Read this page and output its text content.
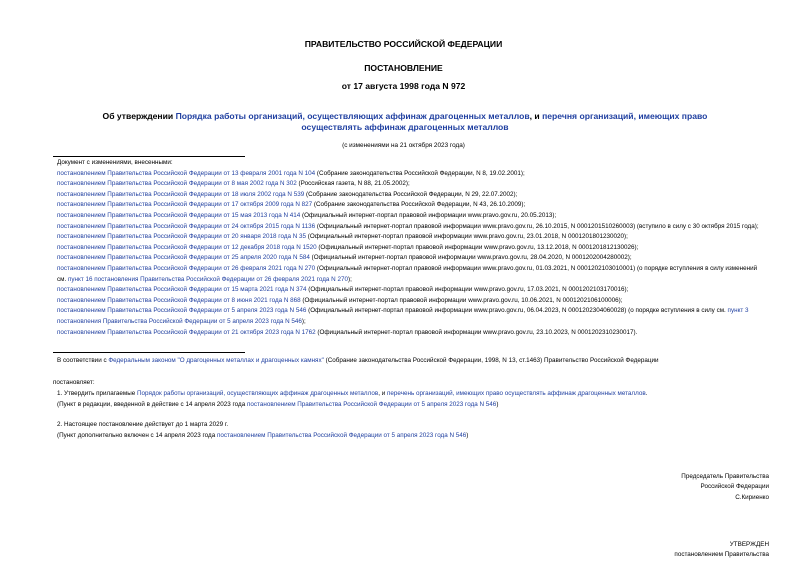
ПРАВИТЕЛЬСТВО РОССИЙСКОЙ ФЕДЕРАЦИИ
ПОСТАНОВЛЕНИЕ
от 17 августа 1998 года N 972
Об утверждении Порядка работы организаций, осуществляющих аффинаж драгоценных металлов, и перечня организаций, имеющих право осуществлять аффинаж драгоценных металлов
(с изменениями на 21 октября 2023 года)
Документ с изменениями, внесенными:
постановлением Правительства Российской Федерации от 13 февраля 2001 года N 104 (Собрание законодательства Российской Федерации, N 8, 19.02.2001);
постановлением Правительства Российской Федерации от 8 мая 2002 года N 302 (Российская газета, N 88, 21.05.2002);
постановлением Правительства Российской Федерации от 18 июля 2002 года N 539 (Собрание законодательства Российской Федерации, N 29, 22.07.2002);
постановлением Правительства Российской Федерации от 17 октября 2009 года N 827 (Собрание законодательства Российской Федерации, N 43, 26.10.2009);
постановлением Правительства Российской Федерации от 15 мая 2013 года N 414 (Официальный интернет-портал правовой информации www.pravo.gov.ru, 20.05.2013);
постановлением Правительства Российской Федерации от 24 октября 2015 года N 1136 (Официальный интернет-портал правовой информации www.pravo.gov.ru, 26.10.2015, N 0001201510260003) (вступило в силу с 30 октября 2015 года);
постановлением Правительства Российской Федерации от 20 января 2018 года N 35 (Официальный интернет-портал правовой информации www.pravo.gov.ru, 23.01.2018, N 0001201801230020);
постановлением Правительства Российской Федерации от 12 декабря 2018 года N 1520 (Официальный интернет-портал правовой информации www.pravo.gov.ru, 13.12.2018, N 0001201812130026);
постановлением Правительства Российской Федерации от 25 апреля 2020 года N 584 (Официальный интернет-портал правовой информации www.pravo.gov.ru, 28.04.2020, N 0001202004280002);
постановлением Правительства Российской Федерации от 26 февраля 2021 года N 270 (Официальный интернет-портал правовой информации www.pravo.gov.ru, 01.03.2021, N 0001202103010001) (о порядке вступления в силу изменений см. пункт 16 постановления Правительства Российской Федерации от 26 февраля 2021 года N 270);
постановлением Правительства Российской Федерации от 15 марта 2021 года N 374 (Официальный интернет-портал правовой информации www.pravo.gov.ru, 17.03.2021, N 0001202103170016);
постановлением Правительства Российской Федерации от 8 июня 2021 года N 868 (Официальный интернет-портал правовой информации www.pravo.gov.ru, 10.06.2021, N 0001202106100006);
постановлением Правительства Российской Федерации от 5 апреля 2023 года N 546 (Официальный интернет-портал правовой информации www.pravo.gov.ru, 06.04.2023, N 0001202304060028) (о порядке вступления в силу см. пункт 3 постановления Правительства Российской Федерации от 5 апреля 2023 года N 546);
постановлением Правительства Российской Федерации от 21 октября 2023 года N 1762 (Официальный интернет-портал правовой информации www.pravo.gov.ru, 23.10.2023, N 0001202310230017).
В соответствии с Федеральным законом "О драгоценных металлах и драгоценных камнях" (Собрание законодательства Российской Федерации, 1998, N 13, ст.1463) Правительство Российской Федерации
постановляет:
1. Утвердить прилагаемые Порядок работы организаций, осуществляющих аффинаж драгоценных металлов, и перечень организаций, имеющих право осуществлять аффинаж драгоценных металлов.
(Пункт в редакции, введенной в действие с 14 апреля 2023 года постановлением Правительства Российской Федерации от 5 апреля 2023 года N 546)
2. Настоящее постановление действует до 1 марта 2029 г.
(Пункт дополнительно включен с 14 апреля 2023 года постановлением Правительства Российской Федерации от 5 апреля 2023 года N 546)
Председатель Правительства
Российской Федерации
С.Кириенко
УТВЕРЖДЕН
постановлением Правительства
